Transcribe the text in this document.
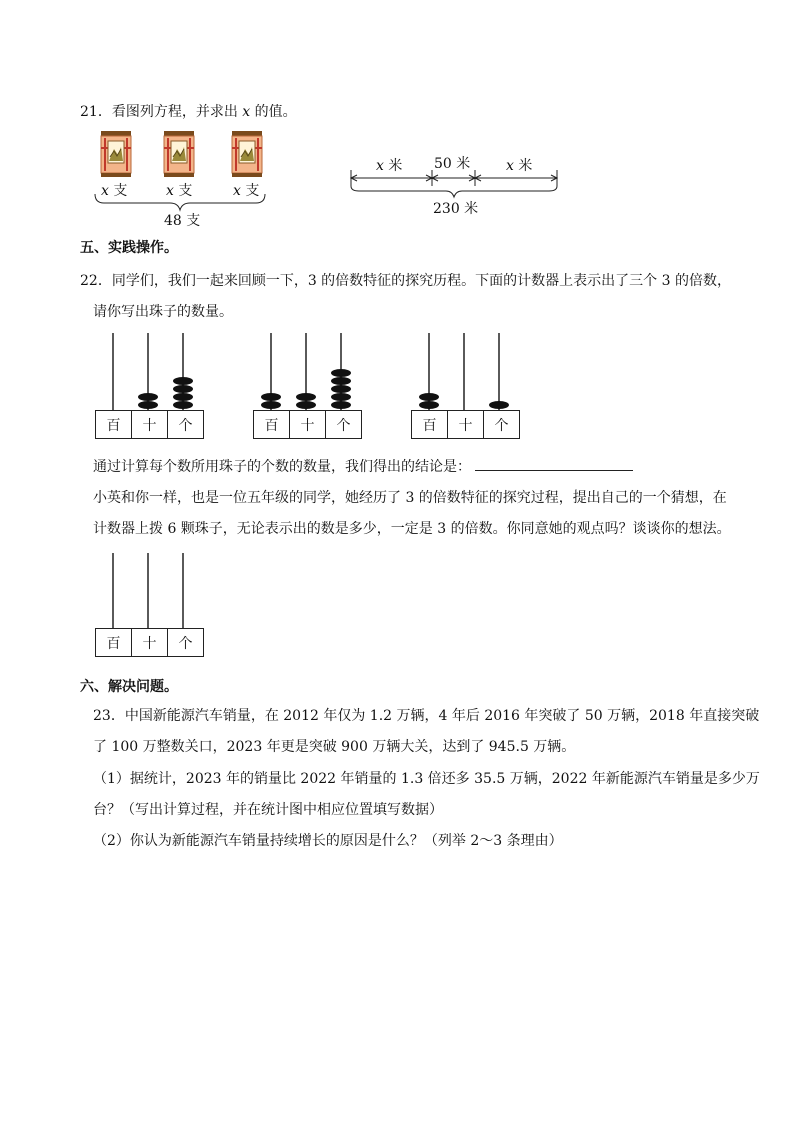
21．看图列方程，并求出 x 的值。
x 支	x 支	x 支
48 支
x 米 50 米	x 米
230 米
五、实践操作。
22．同学们，我们一起来回顾一下，3 的倍数特征的探究历程。下面的计数器上表示出了三个 3 的倍数，
请你写出珠子的数量。
百	十	个	百	十	个	百	十	个
通过计算每个数所用珠子的个数的数量，我们得出的结论是：
小英和你一样，也是一位五年级的同学，她经历了 3 的倍数特征的探究过程，提出自己的一个猜想，在
计数器上拨 6 颗珠子，无论表示出的数是多少，一定是 3 的倍数。你同意她的观点吗？谈谈你的想法。
百	十	个
六、解决问题。
23．中国新能源汽车销量，在 2012 年仅为 1.2 万辆，4 年后 2016 年突破了 50 万辆，2018 年直接突破
了 100 万整数关口，2023 年更是突破 900 万辆大关，达到了 945.5 万辆。
（1）据统计，2023 年的销量比 2022 年销量的 1.3 倍还多 35.5 万辆，2022 年新能源汽车销量是多少万
台？（写出计算过程，并在统计图中相应位置填写数据）
（2）你认为新能源汽车销量持续增长的原因是什么？（列举 2～3 条理由）
